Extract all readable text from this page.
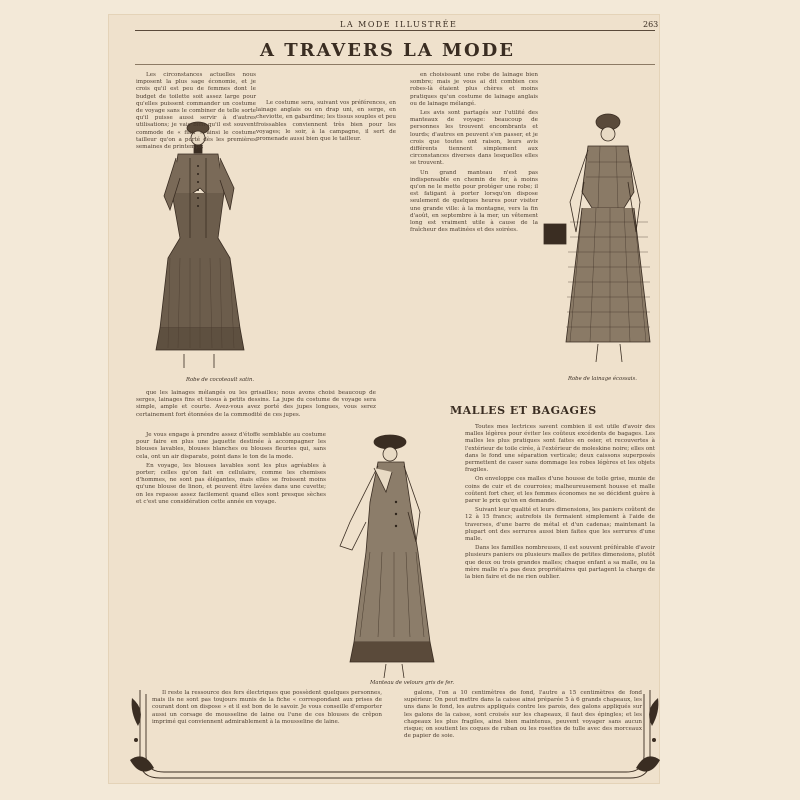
LA MODE ILLUSTRÉE	263
A TRAVERS LA MODE
Robe de cocoteault satin.	Robe de lainage écossais.
Manteau de velours gris de fer.

Les circonstances actuelles nous imposent la plus sage économie, et je crois qu'il est peu de femmes dont le budget de toilette soit assez large pour qu'elles puissent commander un costume de voyage sans le combiner de telle sorte qu'il puisse aussi servir à d'autres utilisations; je vais bien qu'il est souvent commode de « finir » ainsi le costume tailleur qu'on a porté dès les premières semaines de printemps;

Le costume sera, suivant vos préférences, en lainage anglais ou en drap uni, en serge, en cheviotte, en gabardine; les tissus souples et peu froissables conviennent très bien pour les voyages; le soir, à la campagne, il sert de promenade aussi bien que le tailleur.

en choisissant une robe de lainage bien sombre; mais je vous ai dit combien ces robes-là étaient plus chères et moins pratiques qu'un costume de lainage anglais ou de lainage mélangé.

Les avis sont partagés sur l'utilité des manteaux de voyage: beaucoup de personnes les trouvent encombrants et lourds; d'autres en peuvent s'en passer, et je crois que toutes ont raison, leurs avis différents tiennent simplement aux circonstances diverses dans lesquelles elles se trouvent.

Un grand manteau n'est pas indispensable en chemin de fer, à moins qu'on ne le mette pour protéger une robe; il est fatigant à porter lorsqu'on dispose seulement de quelques heures pour visiter une grande ville: à la montagne, vers la fin d'août, en septembre à la mer, un vêtement long est vraiment utile à cause de la fraîcheur des matinées et des soirées.

que les lainages mélangés ou les grisailles; nous avons choisi beaucoup de serges, lainages fins et tissus à petits dessins. La jupe du costume de voyage sera simple, ample et courte. Avez-vous avez porté des jupes longues, vous serez certainement fort étonnées de la commodité de ces jupes.

Je vous engage à prendre assez d'étoffe semblable au costume pour faire en plus une jaquette destinée à accompagner les blouses lavables, blouses blanches ou blouses fleuries qui, sans cela, ont un air disparate, point dans le ton de la mode.

En voyage, les blouses lavables sont les plus agréables à porter; celles qu'on fait en cellulaire, comme les chemises d'hommes, ne sont pas élégantes, mais elles se froissent moins qu'une blouse de linon, et peuvent être lavées dans une cuvette; on les repasse assez facilement quand elles sont presque sèches et c'est une considération cette année en voyage.

MALLES ET BAGAGES

Toutes mes lectrices savent combien il est utile d'avoir des malles légères pour éviter les coûteux excédents de bagages. Les malles les plus pratiques sont faites en osier, et recouvertes à l'extérieur de toile cirée, à l'extérieur de moleskine noire; elles ont dans le fond une séparation verticale; deux caissons superposés permettent de caser sans dommage les robes légères et les objets fragiles.

On enveloppe ces malles d'une housse de toile grise, munie de coins de cuir et de courroies; malheureusement housse et malle coûtent fort cher, et les femmes économes ne se décident guère à parer le prix qu'on en demande.

Suivant leur qualité et leurs dimensions, les paniers coûtent de 12 à 15 francs; autrefois ils fermaient simplement à l'aide de traverses, d'une barre de métal et d'un cadenas; maintenant la plupart ont des serrures aussi bien faites que les serrures d'une malle.

Dans les familles nombreuses, il est souvent préférable d'avoir plusieurs paniers ou plusieurs malles de petites dimensions, plutôt que deux ou trois grandes malles; chaque enfant a sa malle, ou la mère malle n'a pas deux propriétaires qui partagent la charge de la bien faire et de ne rien oublier.

Il reste la ressource des fers électriques que possèdent quelques personnes, mais ils ne sont pas toujours munis de la fiche « correspondant aux prises de courant dont on dispose » et il est bon de le savoir. Je vous conseille d'emporter aussi un corsage de mousseline de laine ou l'une de ces blouses de crêpon imprimé qui conviennent admirablement à la mousseline de laine.

galons, l'on a 10 centimètres de fond, l'autre a 15 centimètres de fond supérieur. On peut mettre dans la caisse ainsi préparée 5 à 6 grands chapeaux, les uns dans le fond, les autres appliqués contre les parois, des galons appliqués sur les galons de la caisse, sont croisés sur les chapeaux, il faut des épingles; et les chapeaux les plus fragiles, ainsi bien maintenus, peuvent voyager sans aucun risque; on soutient les coques de ruban ou les rosettes de tulle avec des morceaux de papier de soie.
